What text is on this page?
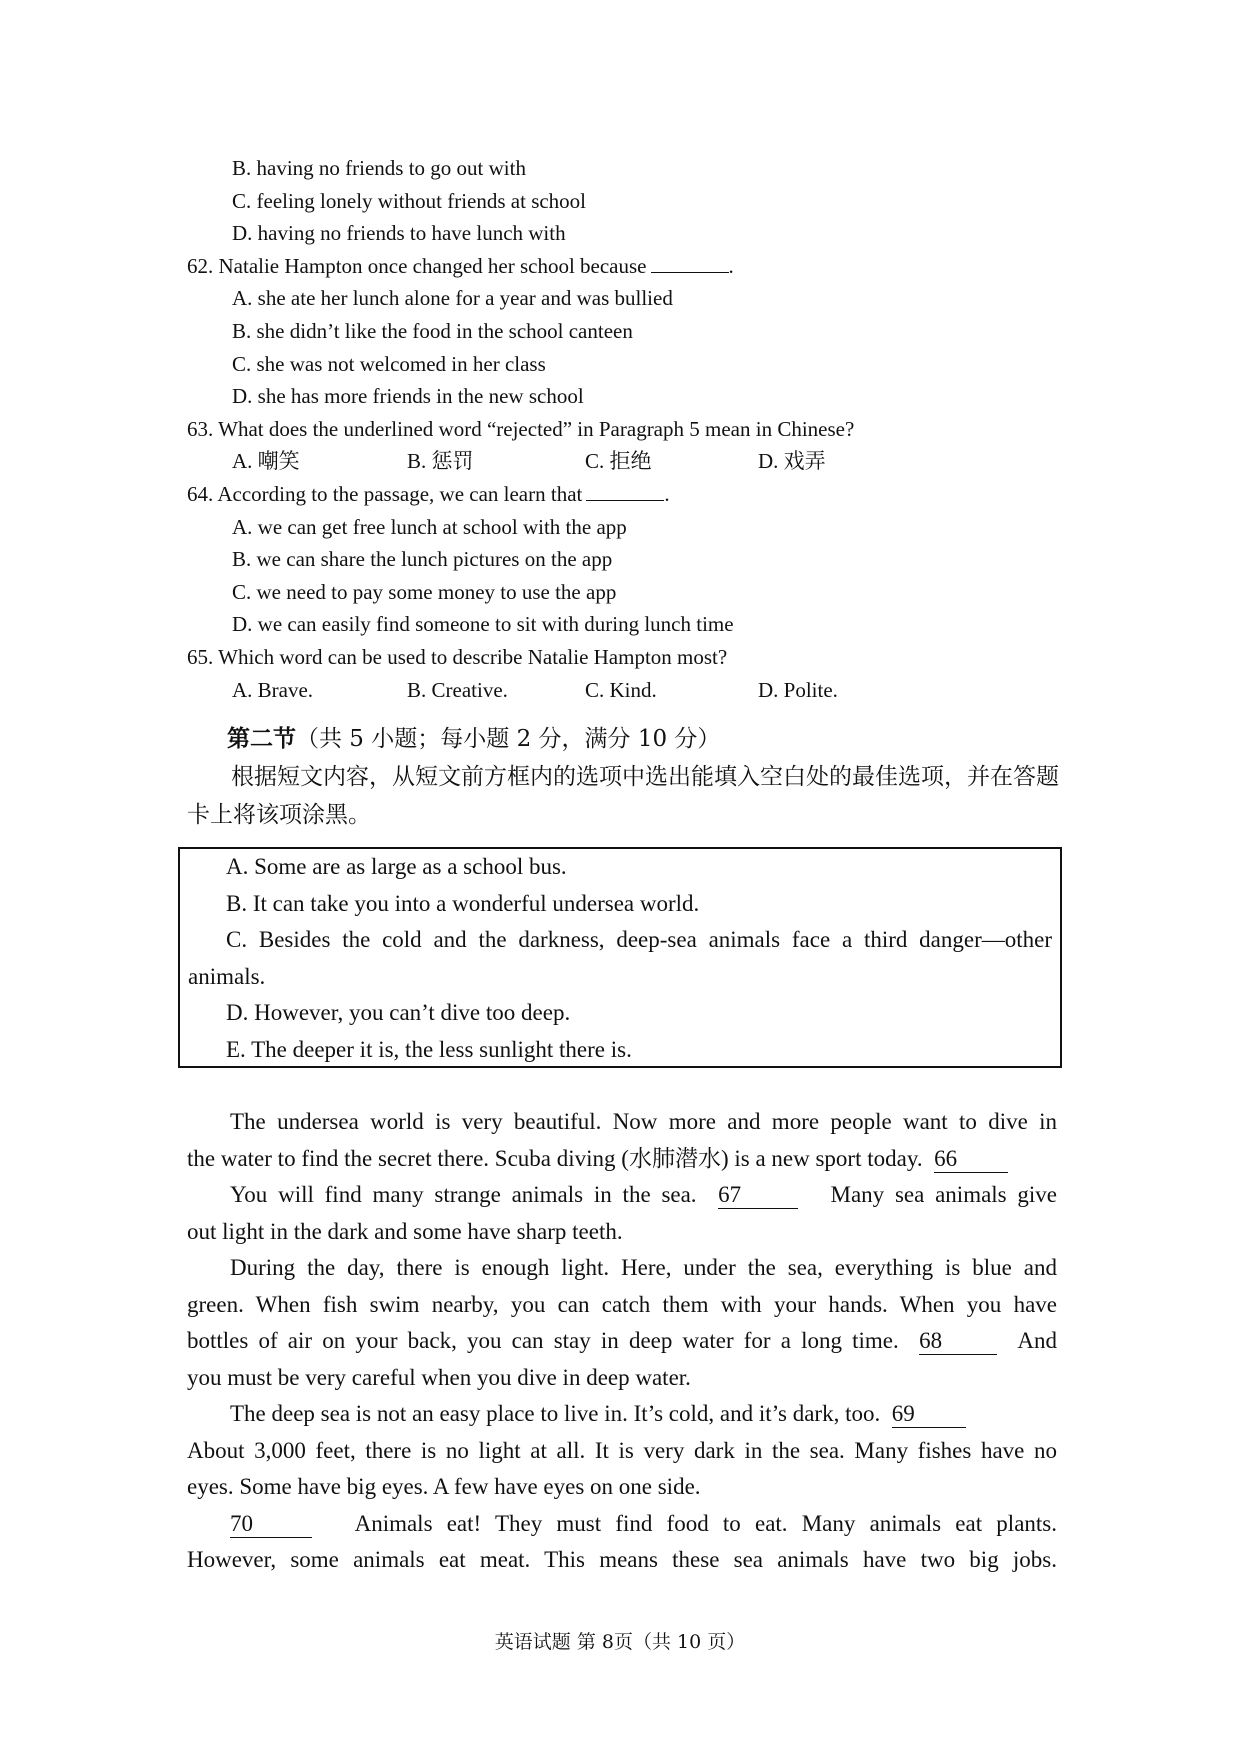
B. having no friends to go out with
C. feeling lonely without friends at school
D. having no friends to have lunch with
62. Natalie Hampton once changed her school because	.
A. she ate her lunch alone for a year and was bullied
B. she didn’t like the food in the school canteen
C. she was not welcomed in her class
D. she has more friends in the new school
63. What does the underlined word “rejected” in Paragraph 5 mean in Chinese?
A. 嘲笑	B. 惩罚	C. 拒绝	D. 戏弄
64. According to the passage, we can learn that	.
A. we can get free lunch at school with the app
B. we can share the lunch pictures on the app
C. we need to pay some money to use the app
D. we can easily find someone to sit with during lunch time
65. Which word can be used to describe Natalie Hampton most?
A. Brave.	B. Creative.	C. Kind.	D. Polite.
第二节（共 5 小题；每小题 2 分，满分 10 分）
根据短文内容，从短文前方框内的选项中选出能填入空白处的最佳选项，并在答题卡上将该项涂黑。
A. Some are as large as a school bus.
B. It can take you into a wonderful undersea world.
C. Besides the cold and the darkness, deep-sea animals face a third danger—other
animals.
D. However, you can’t dive too deep.
E. The deeper it is, the less sunlight there is.
The undersea world is very beautiful. Now more and more people want to dive in
the water to find the secret there. Scuba diving (水肺潜水) is a new sport today. 66
You will find many strange animals in the sea. 67	Many sea animals give
out light in the dark and some have sharp teeth.
During the day, there is enough light. Here, under the sea, everything is blue and
green. When fish swim nearby, you can catch them with your hands. When you have
bottles of air on your back, you can stay in deep water for a long time. 68	And
you must be very careful when you dive in deep water.
The deep sea is not an easy place to live in. It’s cold, and it’s dark, too. 69
About 3,000 feet, there is no light at all. It is very dark in the sea. Many fishes have no
eyes. Some have big eyes. A few have eyes on one side.
70	Animals eat! They must find food to eat. Many animals eat plants.
However, some animals eat meat. This means these sea animals have two big jobs.
英语试题 第 8页（共 10 页）
